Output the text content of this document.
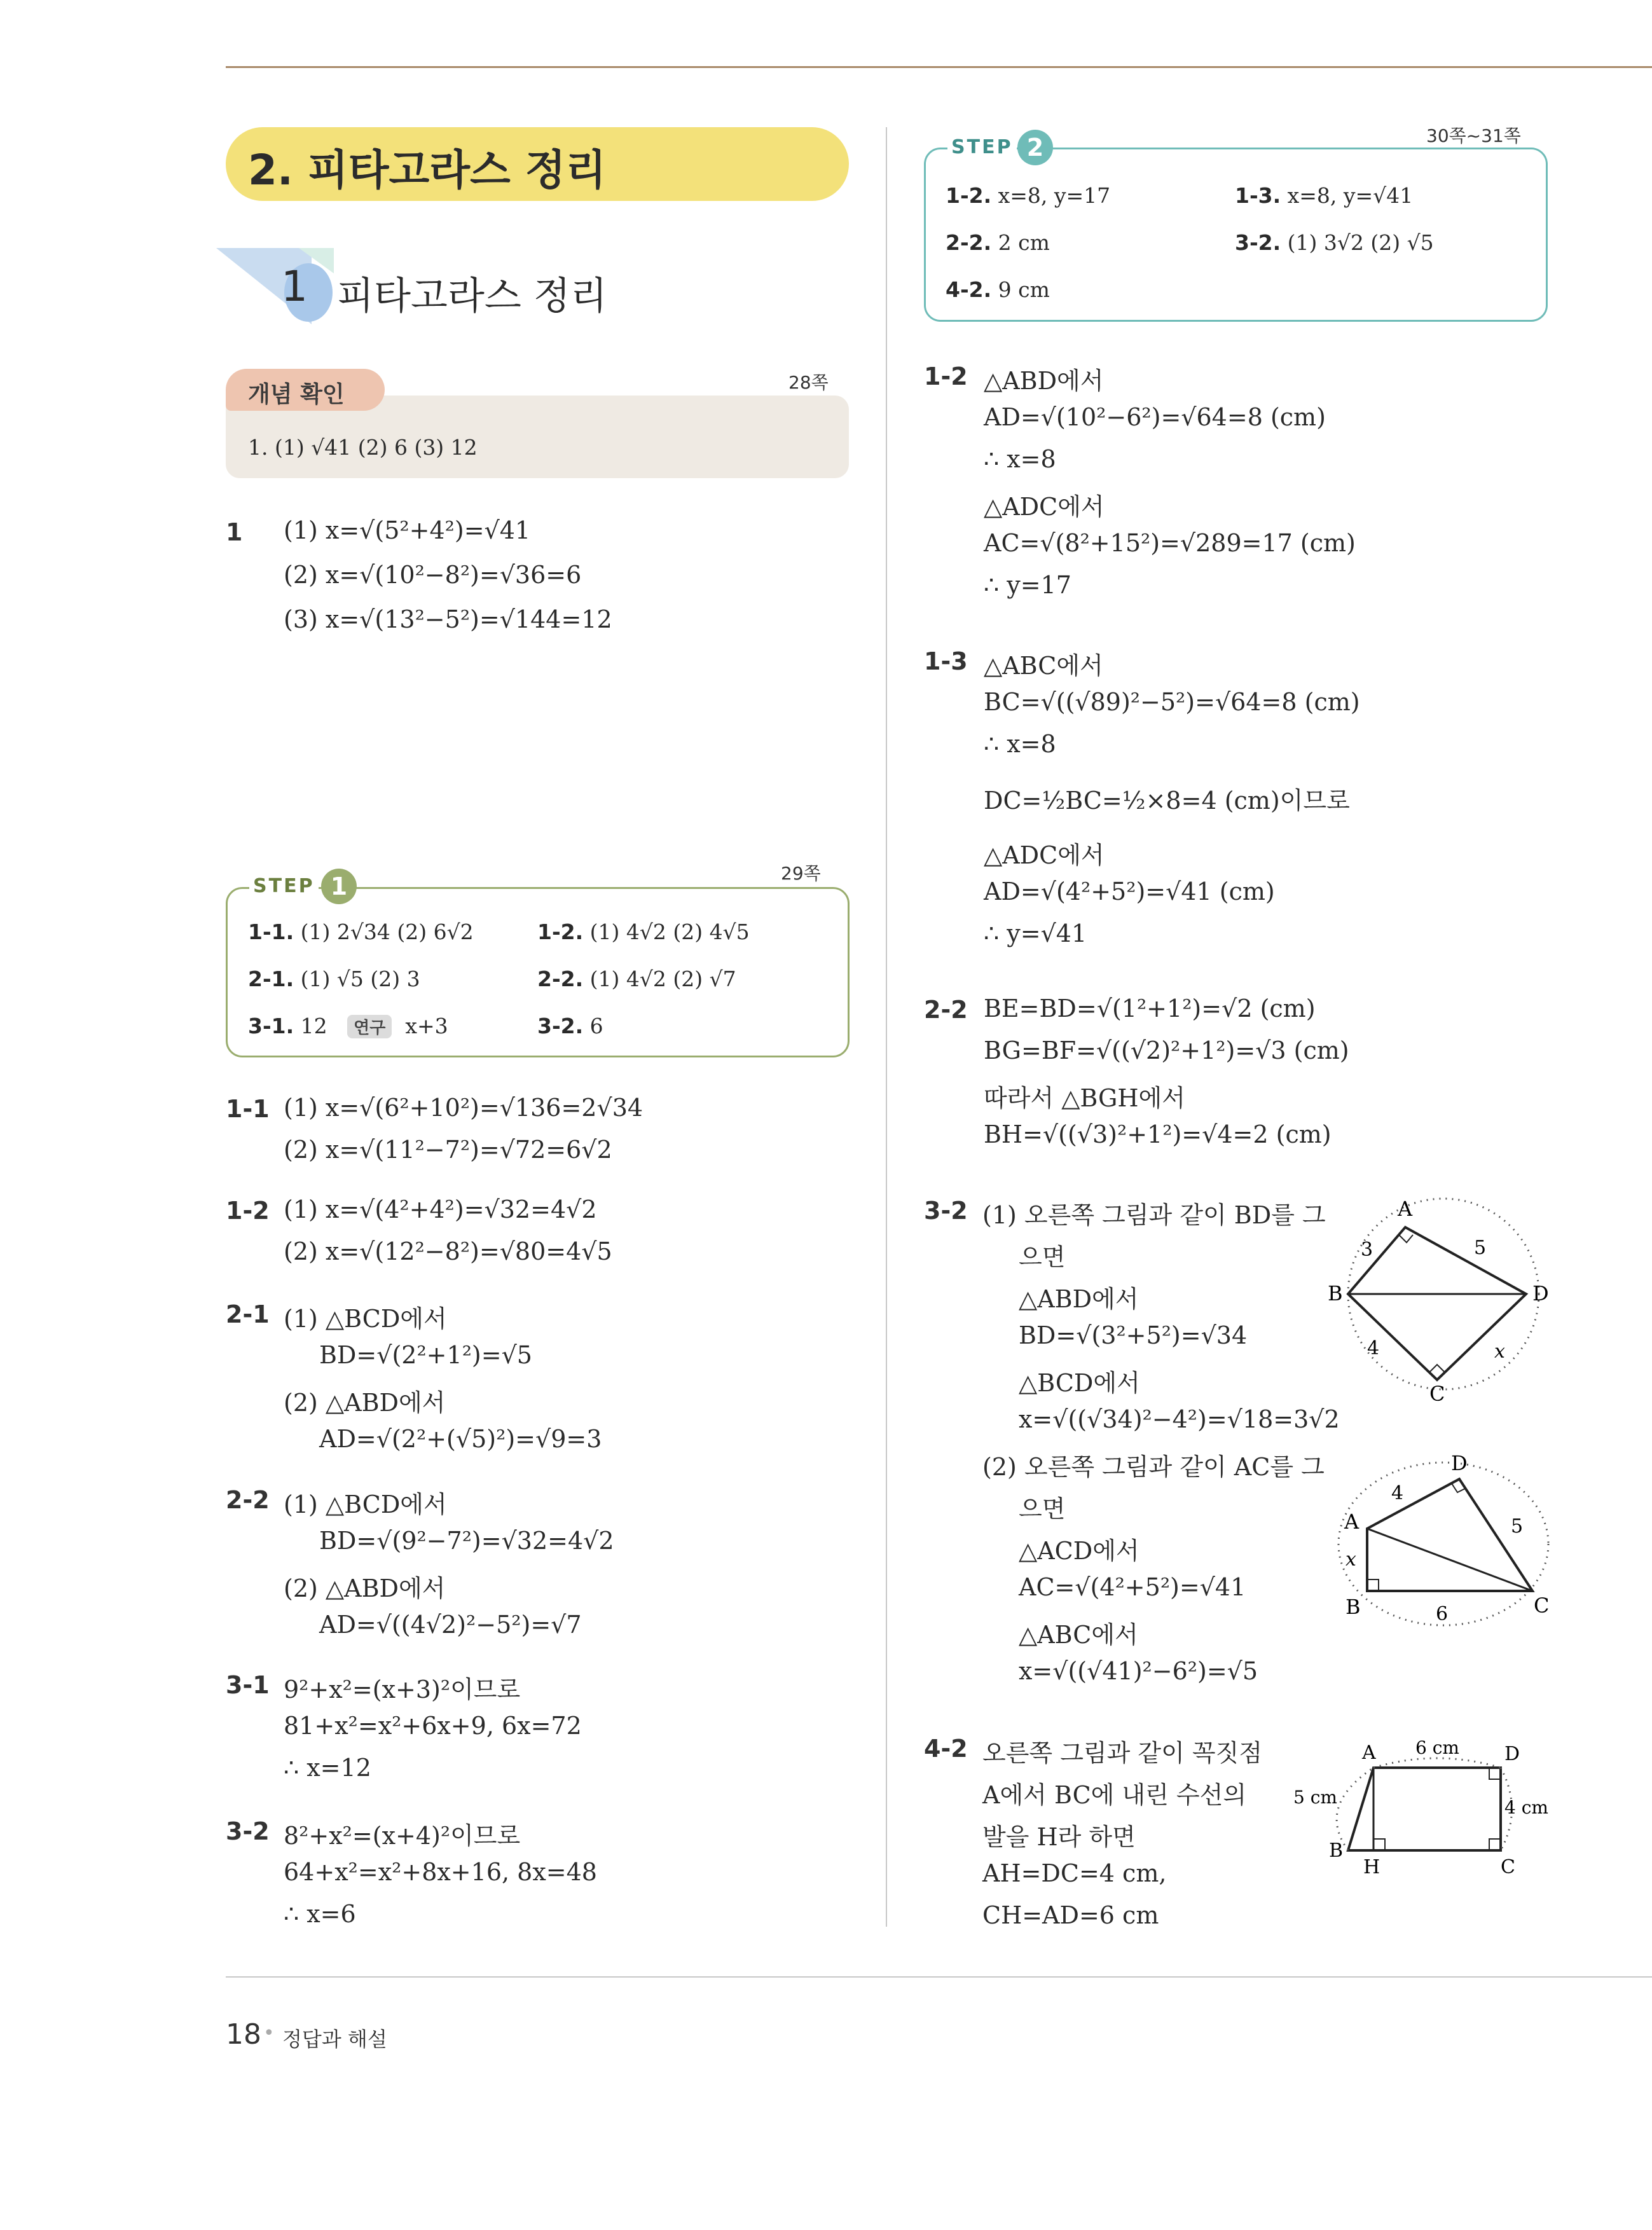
2. 피타고라스 정리
1 피타고라스 정리
개념 확인	28쪽
1. (1) √41 (2) 6 (3) 12
1 (1) x=√(5²+4²)=√41
(2) x=√(10²−8²)=√36=6
(3) x=√(13²−5²)=√144=12
STEP 1	29쪽
1-1. (1) 2√34 (2) 6√2	1-2. (1) 4√2 (2) 4√5
2-1. (1) √5 (2) 3	2-2. (1) 4√2 (2) √7
3-1. 12 연구 x+3	3-2. 6
1-1 (1) x=√(6²+10²)=√136=2√34
(2) x=√(11²−7²)=√72=6√2
1-2 (1) x=√(4²+4²)=√32=4√2
(2) x=√(12²−8²)=√80=4√5
2-1 (1) △BCD에서
BD=√(2²+1²)=√5
(2) △ABD에서
AD=√(2²+(√5)²)=√9=3
2-2 (1) △BCD에서
BD=√(9²−7²)=√32=4√2
(2) △ABD에서
AD=√((4√2)²−5²)=√7
3-1 9²+x²=(x+3)²이므로
81+x²=x²+6x+9, 6x=72
∴ x=12
3-2 8²+x²=(x+4)²이므로
64+x²=x²+8x+16, 8x=48
∴ x=6
STEP 2	30쪽~31쪽
1-2. x=8, y=17	1-3. x=8, y=√41
2-2. 2 cm	3-2. (1) 3√2 (2) √5
4-2. 9 cm
1-2 △ABD에서
AD=√(10²−6²)=√64=8 (cm)
∴ x=8
△ADC에서
AC=√(8²+15²)=√289=17 (cm)
∴ y=17
1-3 △ABC에서
BC=√((√89)²−5²)=√64=8 (cm)
∴ x=8
DC=½BC=½×8=4 (cm)이므로
△ADC에서
AD=√(4²+5²)=√41 (cm)
∴ y=√41
2-2 BE=BD=√(1²+1²)=√2 (cm)
BG=BF=√((√2)²+1²)=√3 (cm)
따라서 △BGH에서
BH=√((√3)²+1²)=√4=2 (cm)
3-2 (1) 오른쪽 그림과 같이 BD를 그
으면
△ABD에서
BD=√(3²+5²)=√34
△BCD에서
x=√((√34)²−4²)=√18=3√2
(2) 오른쪽 그림과 같이 AC를 그
으면
△ACD에서
AC=√(4²+5²)=√41
△ABC에서
x=√((√41)²−6²)=√5
4-2 오른쪽 그림과 같이 꼭짓점
A에서 BC에 내린 수선의
발을 H라 하면
AH=DC=4 cm,
CH=AD=6 cm
A
B
C
D
3	5
4	x
A
B	C
D
4
5
x
6
A
B
C
D
H
6 cm
5 cm	4 cm
18 • 정답과 해설
